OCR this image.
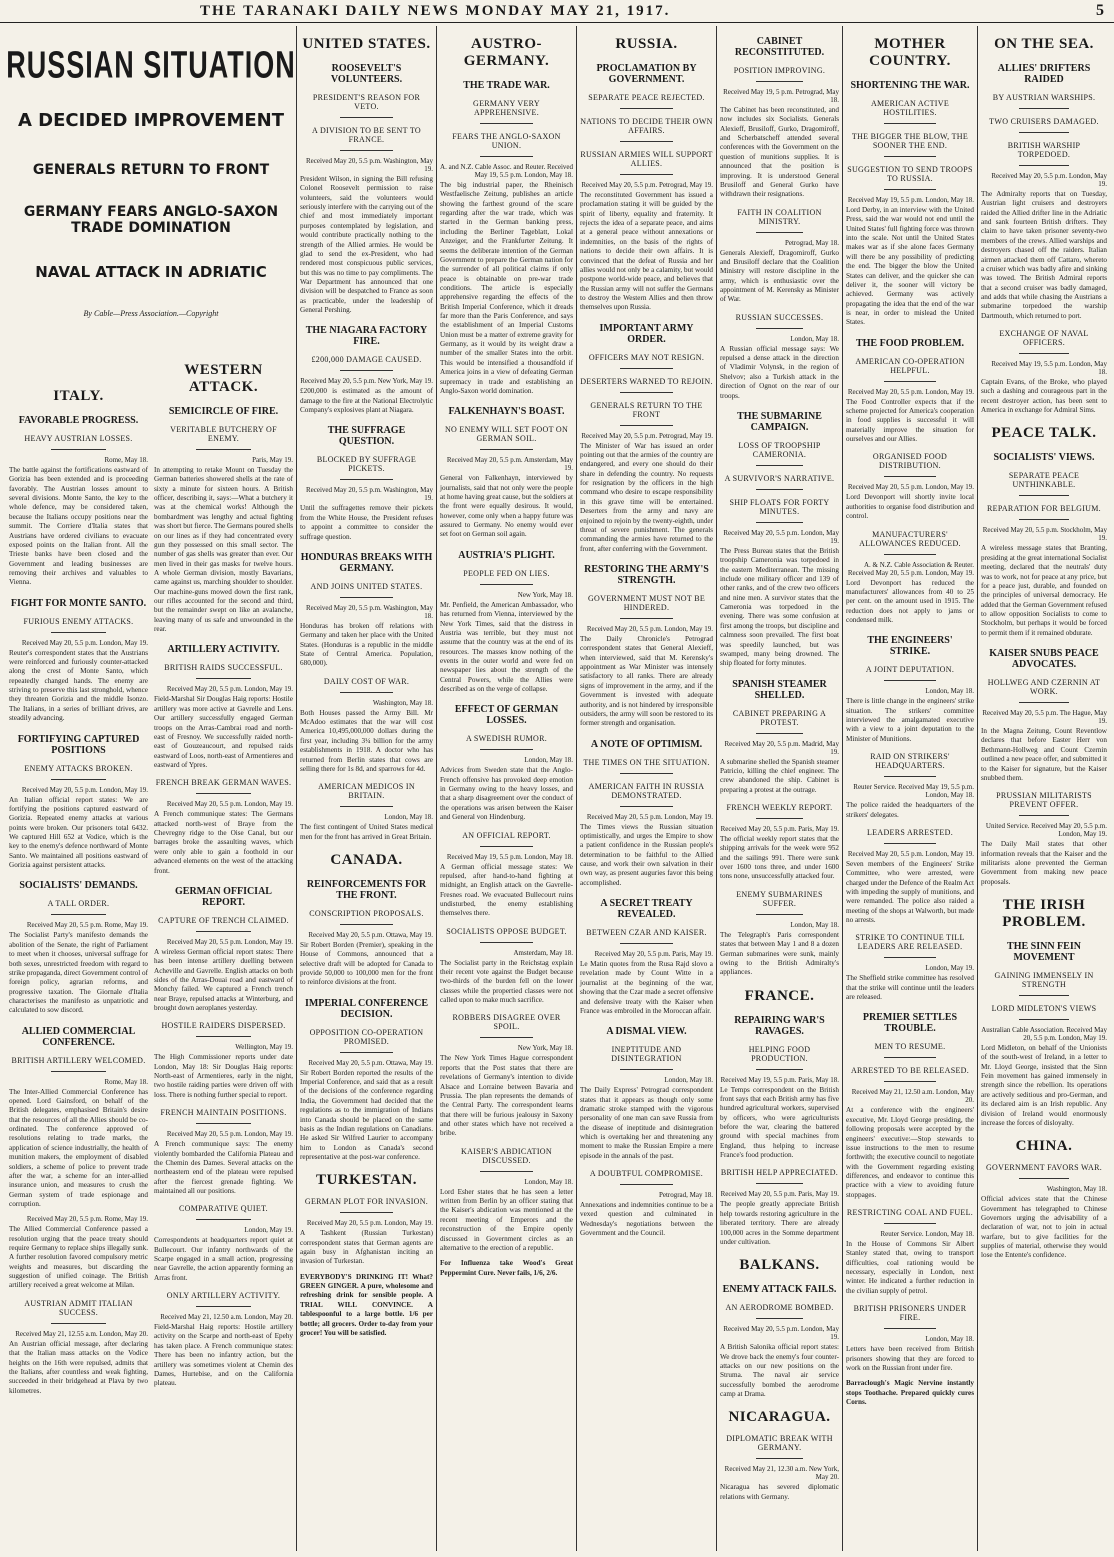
THE TARANAKI DAILY NEWS MONDAY MAY 21, 1917.	5
ITALY.
FAVORABLE PROGRESS.
HEAVY AUSTRIAN LOSSES.
Rome, May 18.
The battle against the fortifications eastward of Gorizia has been extended and is proceeding favorably. The Austrian losses amount to several divisions. Monte Santo, the key to the whole defence, may be considered taken, because the Italians occupy positions near the summit. The Corriere d'Italia states that Austrians have ordered civilians to evacuate exposed points on the Italian front. All the Trieste banks have been closed and the Government and leading businesses are removing their archives and valuables to Vienna.
FIGHT FOR MONTE SANTO.
FURIOUS ENEMY ATTACKS.
Received May 20, 5.5 p.m. London, May 19.
Reuter's correspondent states that the Austrians were reinforced and furiously counter-attacked along the crest of Monte Santo, which repeatedly changed hands. The enemy are striving to preserve this last stronghold, whence they threaten Gorizia and the middle Isonzo. The Italians, in a series of brilliant drives, are steadily advancing.
FORTIFYING CAPTURED POSITIONS
ENEMY ATTACKS BROKEN.
Received May 20, 5.5 p.m. London, May 19.
An Italian official report states: We are fortifying the positions captured eastward of Gorizia. Repeated enemy attacks at various points were broken. Our prisoners total 6432. We captured Hill 652 at Vodice, which is the key to the enemy's defence northward of Monte Santo. We maintained all positions eastward of Gorizia against persistent attacks.
SOCIALISTS' DEMANDS.
A TALL ORDER.
Received May 20, 5.5 p.m. Rome, May 19.
The Socialist Party's manifesto demands the abolition of the Senate, the right of Parliament to meet when it chooses, universal suffrage for both sexes, unrestricted freedom with regard to strike propaganda, direct Government control of foreign policy, agrarian reforms, and progressive taxation. The Giornale d'Italia characterises the manifesto as unpatriotic and calculated to sow discord.
ALLIED COMMERCIAL CONFERENCE.
BRITISH ARTILLERY WELCOMED.
Rome, May 18.
The Inter-Allied Commercial Conference has opened. Lord Gainsford, on behalf of the British delegates, emphasised Britain's desire that the resources of all the Allies should be co-ordinated. The conference approved of resolutions relating to trade marks, the application of science industrially, the health of munition makers, the employment of disabled soldiers, a scheme of police to prevent trade after the war, a scheme for an inter-allied insurance union, and measures to crush the German system of trade espionage and corruption.
Received May 20, 5.5 p.m. Rome, May 19.
The Allied Commercial Conference passed a resolution urging that the peace treaty should require Germany to replace ships illegally sunk. A further resolution favored compulsory metric weights and measures, but discarding the suggestion of unified coinage. The British artillery received a great welcome at Milan.
AUSTRIAN ADMIT ITALIAN SUCCESS.
Received May 21, 12.55 a.m. London, May 20.
An Austrian official message, after declaring that the Italian mass attacks on the Vodice heights on the 16th were repulsed, admits that the Italians, after countless and weak fighting, succeeded in their bridgehead at Plava by two kilometres.
RUSSIAN SITUATION
A DECIDED IMPROVEMENT
GENERALS RETURN TO FRONT
GERMANY FEARS ANGLO-SAXON TRADE DOMINATION
NAVAL ATTACK IN ADRIATIC
By Cable—Press Association.—Copyright
WESTERN ATTACK.
SEMICIRCLE OF FIRE.
VERITABLE BUTCHERY OF ENEMY.
Paris, May 19.
In attempting to retake Mount on Tuesday the German batteries showered shells at the rate of sixty a minute for sixteen hours. A British officer, describing it, says:—What a butchery it was at the chemical works! Although the bombardment was lengthy and actual fighting was short but fierce. The Germans poured shells on our lines as if they had concentrated every gun they possessed on this small sector. The number of gas shells was greater than ever. Our men lived in their gas masks for twelve hours. A whole German division, mostly Bavarians, came against us, marching shoulder to shoulder. Our machine-guns mowed down the first rank, our rifles accounted for the second and third, but the remainder swept on like an avalanche, leaving many of us safe and unwounded in the rear.
ARTILLERY ACTIVITY.
BRITISH RAIDS SUCCESSFUL.
Received May 20, 5.5 p.m. London, May 19.
Field-Marshal Sir Douglas Haig reports: Hostile artillery was more active at Gavrelle and Lens. Our artillery successfully engaged German troops on the Arras-Cambrai road and north-east of Fresnoy. We successfully raided north-east of Gouzeaucourt, and repulsed raids eastward of Loos, north-east of Armentieres and eastward of Ypres.
FRENCH BREAK GERMAN WAVES.
Received May 20, 5.5 p.m. London, May 19.
A French communique states: The Germans attacked north-west of Braye from the Chevregny ridge to the Oise Canal, but our barrages broke the assaulting waves, which were only able to gain a foothold in our advanced elements on the west of the attacking front.
GERMAN OFFICIAL REPORT.
CAPTURE OF TRENCH CLAIMED.
Received May 20, 5.5 p.m. London, May 19.
A wireless German official report states: There has been intense artillery duelling between Acheville and Gavrelle. English attacks on both sides of the Arras-Douai road and eastward of Monchy failed. We captured a French trench near Braye, repulsed attacks at Winterburg, and brought down aeroplanes yesterday.
HOSTILE RAIDERS DISPERSED.
Wellington, May 19.
The High Commissioner reports under date London, May 18: Sir Douglas Haig reports: North-east of Armentieres, early in the night, two hostile raiding parties were driven off with loss. There is nothing further special to report.
FRENCH MAINTAIN POSITIONS.
Received May 20, 5.5 p.m. London, May 19.
A French communique says: The enemy violently bombarded the California Plateau and the Chemin des Dames. Several attacks on the northeastern end of the plateau were repulsed after the fiercest grenade fighting. We maintained all our positions.
COMPARATIVE QUIET.
London, May 19.
Correspondents at headquarters report quiet at Bullecourt. Our infantry northwards of the Scarpe engaged in a small action, progressing near Gavrelle, the action apparently forming an Arras front.
ONLY ARTILLERY ACTIVITY.
Received May 21, 12.50 a.m. London, May 20.
Field-Marshal Haig reports: Hostile artillery activity on the Scarpe and north-east of Epehy has taken place. A French communique states: There has been no infantry action, but the artillery was sometimes violent at Chemin des Dames, Hurtebise, and on the California plateau.
UNITED STATES.
ROOSEVELT'S VOLUNTEERS.
PRESIDENT'S REASON FOR VETO.
A DIVISION TO BE SENT TO FRANCE.
Received May 20, 5.5 p.m. Washington, May 19.
President Wilson, in signing the Bill refusing Colonel Roosevelt permission to raise volunteers, said the volunteers would seriously interfere with the carrying out of the chief and most immediately important purposes contemplated by legislation, and would contribute practically nothing to the strength of the Allied armies. He would be glad to send the ex-President, who had rendered most conspicuous public services, but this was no time to pay compliments. The War Department has announced that one division will be despatched to France as soon as practicable, under the leadership of General Pershing.
THE NIAGARA FACTORY FIRE.
£200,000 DAMAGE CAUSED.
Received May 20, 5.5 p.m. New York, May 19.
£200,000 is estimated as the amount of damage to the fire at the National Electrolytic Company's explosives plant at Niagara.
THE SUFFRAGE QUESTION.
BLOCKED BY SUFFRAGE PICKETS.
Received May 20, 5.5 p.m. Washington, May 19.
Until the suffragettes remove their pickets from the White House, the President refuses to appoint a committee to consider the suffrage question.
HONDURAS BREAKS WITH GERMANY.
AND JOINS UNITED STATES.
Received May 20, 5.5 p.m. Washington, May 18.
Honduras has broken off relations with Germany and taken her place with the United States. (Honduras is a republic in the middle State of Central America. Population, 680,000).
DAILY COST OF WAR.
Washington, May 18.
Both Houses passed the Army Bill. Mr McAdoo estimates that the war will cost America 10,495,000,000 dollars during the first year, including 3¼ billion for the army establishments in 1918. A doctor who has returned from Berlin states that cows are selling there for 1s 8d, and sparrows for 4d.
AMERICAN MEDICOS IN BRITAIN.
London, May 18.
The first contingent of United States medical men for the front has arrived in Great Britain.
CANADA.
REINFORCEMENTS FOR THE FRONT.
CONSCRIPTION PROPOSALS.
Received May 20, 5.5 p.m. Ottawa, May 19.
Sir Robert Borden (Premier), speaking in the House of Commons, announced that a selective draft will be adopted for Canada to provide 50,000 to 100,000 men for the front to reinforce divisions at the front.
IMPERIAL CONFERENCE DECISION.
OPPOSITION CO-OPERATION PROMISED.
Received May 20, 5.5 p.m. Ottawa, May 19.
Sir Robert Borden reported the results of the Imperial Conference, and said that as a result of the decisions of the conference regarding India, the Government had decided that the regulations as to the immigration of Indians into Canada should be placed on the same basis as the Indian regulations on Canadians. He asked Sir Wilfred Laurier to accompany him to London as Canada's second representative at the post-war conference.
TURKESTAN.
GERMAN PLOT FOR INVASION.
Received May 20, 5.5 p.m. London, May 19.
A Tashkent (Russian Turkestan) correspondent states that German agents are again busy in Afghanistan inciting an invasion of Turkestan.
EVERYBODY'S DRINKING IT! What? GREEN GINGER. A pure, wholesome and refreshing drink for sensible people. A TRIAL WILL CONVINCE. A tablespoonful to a large bottle. 1/6 per bottle; all grocers. Order to-day from your grocer! You will be satisfied.
AUSTRO-GERMANY.
THE TRADE WAR.
GERMANY VERY APPREHENSIVE.
FEARS THE ANGLO-SAXON UNION.
A. and N.Z. Cable Assoc. and Reuter. Received May 19, 5.5 p.m. London, May 18.
The big industrial paper, the Rheinisch Westfaelische Zeitung, publishes an article showing the farthest ground of the scare regarding after the war trade, which was started in the German banking press, including the Berliner Tageblatt, Lokal Anzeiger, and the Frankfurter Zeitung. It seems the deliberate intention of the German Government to prepare the German nation for the surrender of all political claims if only peace is obtainable on pre-war trade conditions. The article is especially apprehensive regarding the effects of the British Imperial Conference, which it dreads far more than the Paris Conference, and says the establishment of an Imperial Customs Union must be a matter of extreme gravity for Germany, as it would by its weight draw a number of the smaller States into the orbit. This would be intensified a thousandfold if America joins in a view of defeating German supremacy in trade and establishing an Anglo-Saxon world domination.
FALKENHAYN'S BOAST.
NO ENEMY WILL SET FOOT ON GERMAN SOIL.
Received May 20, 5.5 p.m. Amsterdam, May 19.
General von Falkenhayn, interviewed by journalists, said that not only were the people at home having great cause, but the soldiers at the front were equally desirous. It would, however, come only when a happy future was assured to Germany. No enemy would ever set foot on German soil again.
AUSTRIA'S PLIGHT.
PEOPLE FED ON LIES.
New York, May 18.
Mr. Penfield, the American Ambassador, who has returned from Vienna, interviewed by the New York Times, said that the distress in Austria was terrible, but they must not assume that the country was at the end of its resources. The masses know nothing of the events in the outer world and were fed on newspaper lies about the strength of the Central Powers, while the Allies were described as on the verge of collapse.
EFFECT OF GERMAN LOSSES.
A SWEDISH RUMOR.
London, May 18.
Advices from Sweden state that the Anglo-French offensive has provoked deep emotion in Germany owing to the heavy losses, and that a sharp disagreement over the conduct of the operations was arisen between the Kaiser and General von Hindenburg.
AN OFFICIAL REPORT.
Received May 19, 5.5 p.m. London, May 18.
A German official message states: We repulsed, after hand-to-hand fighting at midnight, an English attack on the Gavrelle-Fresnes road. We evacuated Bullecourt ruins undisturbed, the enemy establishing themselves there.
SOCIALISTS OPPOSE BUDGET.
Amsterdam, May 18.
The Socialist party in the Reichstag explain their recent vote against the Budget because two-thirds of the burden fell on the lower classes while the propertied classes were not called upon to make much sacrifice.
ROBBERS DISAGREE OVER SPOIL.
New York, May 18.
The New York Times Hague correspondent reports that the Post states that there are revelations of Germany's intention to divide Alsace and Lorraine between Bavaria and Prussia. The plan represents the demands of the Central Party. The correspondent learns that there will be furious jealousy in Saxony and other states which have not received a bribe.
KAISER'S ABDICATION DISCUSSED.
London, May 18.
Lord Esher states that he has seen a letter written from Berlin by an officer stating that the Kaiser's abdication was mentioned at the recent meeting of Emperors and the reconstruction of the Empire openly discussed in Government circles as an alternative to the erection of a republic.
For Influenza take Wood's Great Peppermint Cure. Never fails, 1/6, 2/6.
RUSSIA.
PROCLAMATION BY GOVERNMENT.
SEPARATE PEACE REJECTED.
NATIONS TO DECIDE THEIR OWN AFFAIRS.
RUSSIAN ARMIES WILL SUPPORT ALLIES.
Received May 20, 5.5 p.m. Petrograd, May 19.
The reconstituted Government has issued a proclamation stating it will be guided by the spirit of liberty, equality and fraternity. It rejects the idea of a separate peace, and aims at a general peace without annexations or indemnities, on the basis of the rights of nations to decide their own affairs. It is convinced that the defeat of Russia and her allies would not only be a calamity, but would postpone world-wide peace, and believes that the Russian army will not suffer the Germans to destroy the Western Allies and then throw themselves upon Russia.
IMPORTANT ARMY ORDER.
OFFICERS MAY NOT RESIGN.
DESERTERS WARNED TO REJOIN.
GENERALS RETURN TO THE FRONT
Received May 20, 5.5 p.m. Petrograd, May 19.
The Minister of War has issued an order pointing out that the armies of the country are endangered, and every one should do their share in defending the country. No requests for resignation by the officers in the high command who desire to escape responsibility in this grave time will be entertained. Deserters from the army and navy are enjoined to rejoin by the twenty-eighth, under threat of severe punishment. The generals commanding the armies have returned to the front, after conferring with the Government.
RESTORING THE ARMY'S STRENGTH.
GOVERNMENT MUST NOT BE HINDERED.
Received May 20, 5.5 p.m. London, May 19.
The Daily Chronicle's Petrograd correspondent states that General Alexieff, when interviewed, said that M. Kerensky's appointment as War Minister was intensely satisfactory to all ranks. There are already signs of improvement in the army, and if the Government is invested with adequate authority, and is not hindered by irresponsible outsiders, the army will soon be restored to its former strength and organisation.
A NOTE OF OPTIMISM.
THE TIMES ON THE SITUATION.
AMERICAN FAITH IN RUSSIA DEMONSTRATED.
Received May 20, 5.5 p.m. London, May 19.
The Times views the Russian situation optimistically, and urges the Empire to show a patient confidence in the Russian people's determination to be faithful to the Allied cause, and work their own salvation in their own way, as present auguries favor this being accomplished.
A SECRET TREATY REVEALED.
BETWEEN CZAR AND KAISER.
Received May 20, 5.5 p.m. Paris, May 19.
Le Matin quotes from the Rusa Rajd slovo a revelation made by Count Witte in a journalist at the beginning of the war, showing that the Czar made a secret offensive and defensive treaty with the Kaiser when France was embroiled in the Moroccan affair.
A DISMAL VIEW.
INEPTITUDE AND DISINTEGRATION
London, May 18.
The Daily Express' Petrograd correspondent states that it appears as though only some dramatic stroke stamped with the vigorous personality of one man can save Russia from the disease of ineptitude and disintegration which is overtaking her and threatening any moment to make the Russian Empire a mere episode in the annals of the past.
A DOUBTFUL COMPROMISE.
Petrograd, May 18.
Annexations and indemnities continue to be a vexed question and culminated in Wednesday's negotiations between the Government and the Council.
CABINET RECONSTITUTED.
POSITION IMPROVING.
Received May 19, 5 p.m. Petrograd, May 18.
The Cabinet has been reconstituted, and now includes six Socialists. Generals Alexieff, Brusiloff, Gurko, Dragomiroff, and Scherbatscheff attended several conferences with the Government on the question of munitions supplies. It is announced that the position is improving. It is understood General Brusiloff and General Gurko have withdrawn their resignations.
FAITH IN COALITION MINISTRY.
Petrograd, May 18.
Generals Alexieff, Dragomiroff, Gurko and Brusiloff declare that the Coalition Ministry will restore discipline in the army, which is enthusiastic over the appointment of M. Kerensky as Minister of War.
RUSSIAN SUCCESSES.
London, May 18.
A Russian official message says: We repulsed a dense attack in the direction of Vladimir Volynsk, in the region of Shelvov; also a Turkish attack in the direction of Ognot on the rear of our troops.
THE SUBMARINE CAMPAIGN.
LOSS OF TROOPSHIP CAMERONIA.
A SURVIVOR'S NARRATIVE.
SHIP FLOATS FOR FORTY MINUTES.
Received May 20, 5.5 p.m. London, May 19.
The Press Bureau states that the British troopship Cameronia was torpedoed in the eastern Mediterranean. The missing include one military officer and 139 of other ranks, and of the crew two officers and nine men. A survivor states that the Cameronia was torpedoed in the evening. There was some confusion at first among the troops, but discipline and calmness soon prevailed. The first boat was speedily launched, but was swamped, many being drowned. The ship floated for forty minutes.
SPANISH STEAMER SHELLED.
CABINET PREPARING A PROTEST.
Received May 20, 5.5 p.m. Madrid, May 19.
A submarine shelled the Spanish steamer Patricio, killing the chief engineer. The crew abandoned the ship. Cabinet is preparing a protest at the outrage.
FRENCH WEEKLY REPORT.
Received May 20, 5.5 p.m. Paris, May 19.
The official weekly report states that the shipping arrivals for the week were 952 and the sailings 991. There were sunk over 1600 tons three, and under 1600 tons none, unsuccessfully attacked four.
ENEMY SUBMARINES SUFFER.
London, May 18.
The Telegraph's Paris correspondent states that between May 1 and 8 a dozen German submarines were sunk, mainly owing to the British Admiralty's appliances.
FRANCE.
REPAIRING WAR'S RAVAGES.
HELPING FOOD PRODUCTION.
Received May 19, 5.5 p.m. Paris, May 18.
Le Temps correspondent on the British front says that each British army has five hundred agricultural workers, supervised by officers, who were agriculturists before the war, clearing the battered ground with special machines from England, thus helping to increase France's food production.
BRITISH HELP APPRECIATED.
Received May 20, 5.5 p.m. Paris, May 19.
The people greatly appreciate British help towards restoring agriculture in the liberated territory. There are already 100,000 acres in the Somme department under cultivation.
BALKANS.
ENEMY ATTACK FAILS.
AN AERODROME BOMBED.
Received May 20, 5.5 p.m. London, May 19.
A British Salonika official report states: We drove back the enemy's four counter-attacks on our new positions on the Struma. The naval air service successfully bombed the aerodrome camp at Drama.
NICARAGUA.
DIPLOMATIC BREAK WITH GERMANY.
Received May 21, 12.30 a.m. New York, May 20.
Nicaragua has severed diplomatic relations with Germany.
MOTHER COUNTRY.
SHORTENING THE WAR.
AMERICAN ACTIVE HOSTILITIES.
THE BIGGER THE BLOW, THE SOONER THE END.
SUGGESTION TO SEND TROOPS TO RUSSIA.
Received May 19, 5.5 p.m. London, May 18.
Lord Derby, in an interview with the United Press, said the war would not end until the United States' full fighting force was thrown into the scale. Not until the United States makes war as if she alone faces Germany will there be any possibility of predicting the end. The bigger the blow the United States can deliver, and the quicker she can deliver it, the sooner will victory be achieved. Germany was actively propagating the idea that the end of the war is near, in order to mislead the United States.
THE FOOD PROBLEM.
AMERICAN CO-OPERATION HELPFUL.
Received May 20, 5.5 p.m. London, May 19.
The Food Controller expects that if the scheme projected for America's cooperation in food supplies is successful it will materially improve the situation for ourselves and our Allies.
ORGANISED FOOD DISTRIBUTION.
Received May 20, 5.5 p.m. London, May 19.
Lord Devonport will shortly invite local authorities to organise food distribution and control.
MANUFACTURERS' ALLOWANCES REDUCED.
A. & N.Z. Cable Association & Reuter. Received May 20, 5.5 p.m. London, May 19.
Lord Devonport has reduced the manufacturers' allowances from 40 to 25 per cent. on the amount used in 1915. The reduction does not apply to jams or condensed milk.
THE ENGINEERS' STRIKE.
A JOINT DEPUTATION.
London, May 18.
There is little change in the engineers' strike situation. The strikers' committee interviewed the amalgamated executive with a view to a joint deputation to the Minister of Munitions.
RAID ON STRIKERS' HEADQUARTERS.
Reuter Service. Received May 19, 5.5 p.m. London, May 18.
The police raided the headquarters of the strikers' delegates.
LEADERS ARRESTED.
Received May 20, 5.5 p.m. London, May 19.
Seven members of the Engineers' Strike Committee, who were arrested, were charged under the Defence of the Realm Act with impeding the supply of munitions, and were remanded. The police also raided a meeting of the shops at Walworth, but made no arrests.
STRIKE TO CONTINUE TILL LEADERS ARE RELEASED.
London, May 19.
The Sheffield strike committee has resolved that the strike will continue until the leaders are released.
PREMIER SETTLES TROUBLE.
MEN TO RESUME.
ARRESTED TO BE RELEASED.
Received May 21, 12.50 a.m. London, May 20.
At a conference with the engineers' executive, Mr. Lloyd George presiding, the following proposals were accepted by the engineers' executive:—Stop stewards to issue instructions to the men to resume forthwith; the executive council to negotiate with the Government regarding existing differences, and endeavor to continue this practice with a view to avoiding future stoppages.
RESTRICTING COAL AND FUEL.
Reuter Service. London, May 18.
In the House of Commons Sir Albert Stanley stated that, owing to transport difficulties, coal rationing would be necessary, especially in London, next winter. He indicated a further reduction in the civilian supply of petrol.
BRITISH PRISONERS UNDER FIRE.
London, May 18.
Letters have been received from British prisoners showing that they are forced to work on the Russian front under fire.
Barraclough's Magic Nervine instantly stops Toothache. Prepared quickly cures Corns.
ON THE SEA.
ALLIES' DRIFTERS RAIDED
BY AUSTRIAN WARSHIPS.
TWO CRUISERS DAMAGED.
BRITISH WARSHIP TORPEDOED.
Received May 20, 5.5 p.m. London, May 19.
The Admiralty reports that on Tuesday, Austrian light cruisers and destroyers raided the Allied drifter line in the Adriatic and sank fourteen British drifters. They claim to have taken prisoner seventy-two members of the crews. Allied warships and destroyers chased off the raiders. Italian airmen attacked them off Cattaro, whereto a cruiser which was badly afire and sinking was towed. The British Admiral reports that a second cruiser was badly damaged, and adds that while chasing the Austrians a submarine torpedoed the warship Dartmouth, which returned to port.
EXCHANGE OF NAVAL OFFICERS.
Received May 19, 5.5 p.m. London, May 18.
Captain Evans, of the Broke, who played such a dashing and courageous part in the recent destroyer action, has been sent to America in exchange for Admiral Sims.
PEACE TALK.
SOCIALISTS' VIEWS.
SEPARATE PEACE UNTHINKABLE.
REPARATION FOR BELGIUM.
Received May 20, 5.5 p.m. Stockholm, May 19.
A wireless message states that Branting, presiding at the great international Socialist meeting, declared that the neutrals' duty was to work, not for peace at any price, but for a peace just, durable, and founded on the principles of universal democracy. He added that the German Government refused to allow opposition Socialists to come to Stockholm, but perhaps it would be forced to permit them if it remained obdurate.
KAISER SNUBS PEACE ADVOCATES.
HOLLWEG AND CZERNIN AT WORK.
Received May 20, 5.5 p.m. The Hague, May 19.
In the Magna Zeitung, Count Reventlow declares that before Easter Herr von Bethmann-Hollweg and Count Czernin outlined a new peace offer, and submitted it to the Kaiser for signature, but the Kaiser snubbed them.
PRUSSIAN MILITARISTS PREVENT OFFER.
United Service. Received May 20, 5.5 p.m. London, May 19.
The Daily Mail states that other information reveals that the Kaiser and the militarists alone prevented the German Government from making new peace proposals.
THE IRISH PROBLEM.
THE SINN FEIN MOVEMENT
GAINING IMMENSELY IN STRENGTH
LORD MIDLETON'S VIEWS
Australian Cable Association. Received May 20, 5.5 p.m. London, May 19.
Lord Midleton, on behalf of the Unionists of the south-west of Ireland, in a letter to Mr. Lloyd George, insisted that the Sinn Fein movement has gained immensely in strength since the rebellion. Its operations are actively seditious and pro-German, and its declared aim is an Irish republic. Any division of Ireland would enormously increase the forces of disloyalty.
CHINA.
GOVERNMENT FAVORS WAR.
Washington, May 18.
Official advices state that the Chinese Government has telegraphed to Chinese Governors urging the advisability of a declaration of war, not to join in actual warfare, but to give facilities for the supplies of material, otherwise they would lose the Entente's confidence.
